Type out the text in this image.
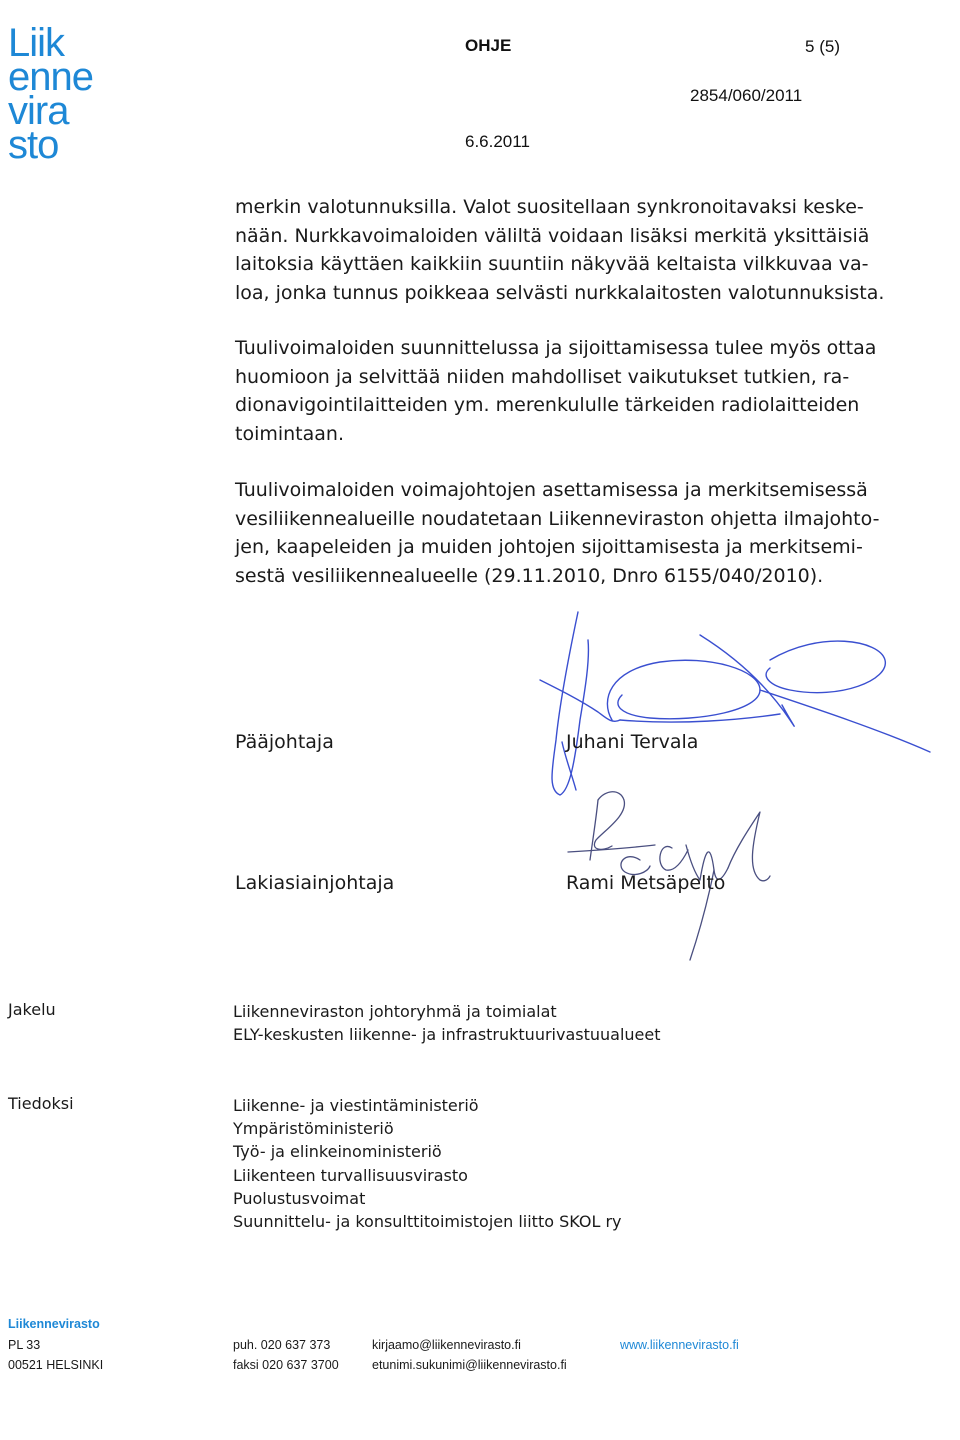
Liik
enne
vira
sto
OHJE	5 (5)
2854/060/2011
6.6.2011
merkin valotunnuksilla. Valot suositellaan synkronoitavaksi keske-
nään. Nurkkavoimaloiden väliltä voidaan lisäksi merkitä yksittäisiä
laitoksia käyttäen kaikkiin suuntiin näkyvää keltaista vilkkuvaa va-
loa, jonka tunnus poikkeaa selvästi nurkkalaitosten valotunnuksista.
Tuulivoimaloiden suunnittelussa ja sijoittamisessa tulee myös ottaa
huomioon ja selvittää niiden mahdolliset vaikutukset tutkien, ra-
dionavigointilaitteiden ym. merenkululle tärkeiden radiolaitteiden
toimintaan.
Tuulivoimaloiden voimajohtojen asettamisessa ja merkitsemisessä
vesiliikennealueille noudatetaan Liikenneviraston ohjetta ilmajohto-
jen, kaapeleiden ja muiden johtojen sijoittamisesta ja merkitsemi-
sestä vesiliikennealueelle (29.11.2010, Dnro 6155/040/2010).
Pääjohtaja	Juhani Tervala
Lakiasiainjohtaja	Rami Metsäpelto
Jakelu	Liikenneviraston johtoryhmä ja toimialat
ELY-keskusten liikenne- ja infrastruktuurivastuualueet
Tiedoksi	Liikenne- ja viestintäministeriö
Ympäristöministeriö
Työ- ja elinkeinoministeriö
Liikenteen turvallisuusvirasto
Puolustusvoimat
Suunnittelu- ja konsulttitoimistojen liitto SKOL ry
Liikennevirasto
PL 33
00521 HELSINKI
puh. 020 637 373
faksi 020 637 3700
kirjaamo@liikennevirasto.fi
etunimi.sukunimi@liikennevirasto.fi
www.liikennevirasto.fi
